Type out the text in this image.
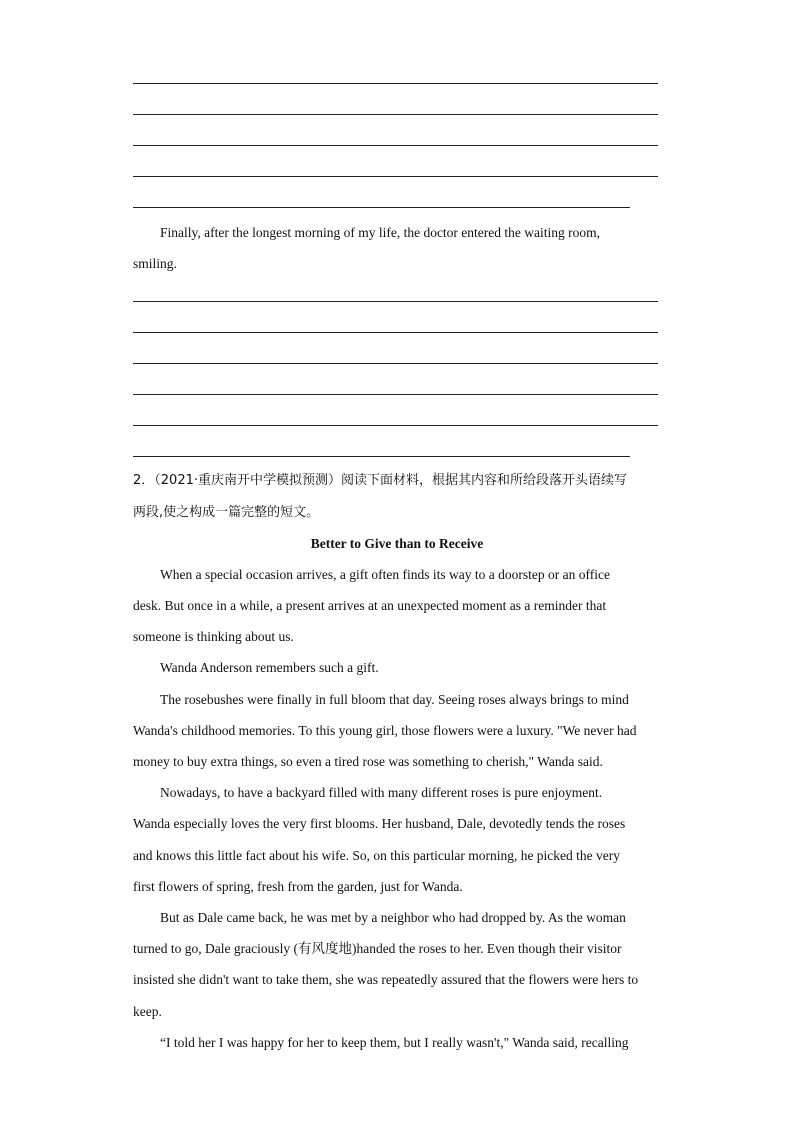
Finally, after the longest morning of my life, the doctor entered the waiting room,
smiling.
2．（2021·重庆南开中学模拟预测）阅读下面材料，根据其内容和所给段落开头语续写
两段,使之构成一篇完整的短文。
Better to Give than to Receive
When a special occasion arrives, a gift often finds its way to a doorstep or an office
desk. But once in a while, a present arrives at an unexpected moment as a reminder that
someone is thinking about us.
Wanda Anderson remembers such a gift.
The rosebushes were finally in full bloom that day. Seeing roses always brings to mind
Wanda's childhood memories. To this young girl, those flowers were a luxury. "We never had
money to buy extra things, so even a tired rose was something to cherish," Wanda said.
Nowadays, to have a backyard filled with many different roses is pure enjoyment.
Wanda especially loves the very first blooms. Her husband, Dale, devotedly tends the roses
and knows this little fact about his wife. So, on this particular morning, he picked the very
first flowers of spring, fresh from the garden, just for Wanda.
But as Dale came back, he was met by a neighbor who had dropped by. As the woman
turned to go, Dale graciously (有风度地)handed the roses to her. Even though their visitor
insisted she didn't want to take them, she was repeatedly assured that the flowers were hers to
keep.
“I told her I was happy for her to keep them, but I really wasn't," Wanda said, recalling
